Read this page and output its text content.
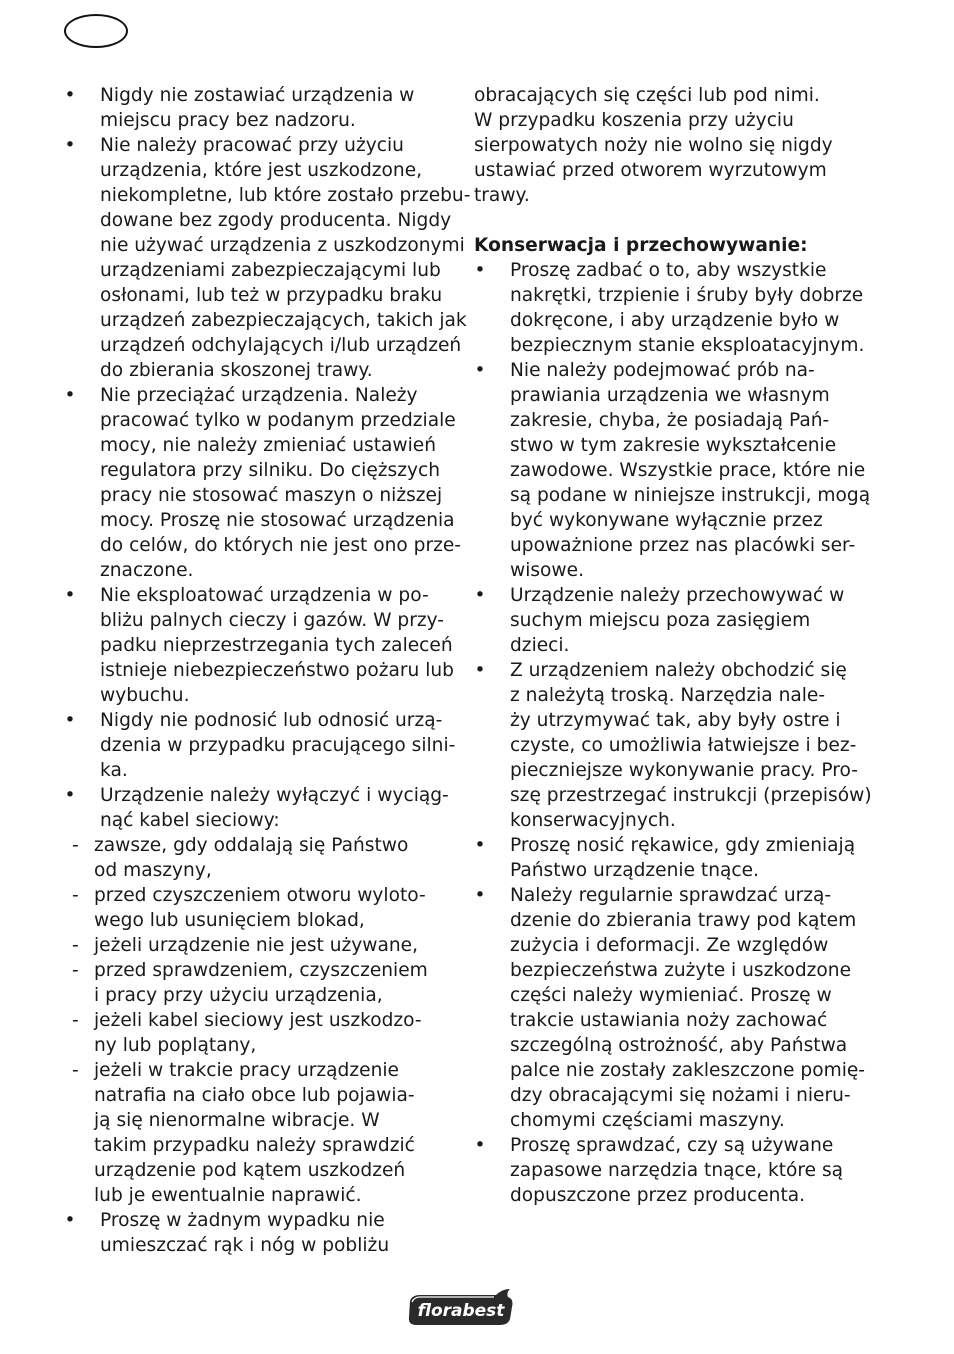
• Nigdy nie zostawiać urządzenia w
miejscu pracy bez nadzoru.
• Nie należy pracować przy użyciu
urządzenia, które jest uszkodzone,
niekompletne, lub które zostało przebu-
dowane bez zgody producenta. Nigdy
nie używać urządzenia z uszkodzonymi
urządzeniami zabezpieczającymi lub
osłonami, lub też w przypadku braku
urządzeń zabezpieczających, takich jak
urządzeń odchylających i/lub urządzeń
do zbierania skoszonej trawy.
• Nie przeciążać urządzenia. Należy
pracować tylko w podanym przedziale
mocy, nie należy zmieniać ustawień
regulatora przy silniku. Do cięższych
pracy nie stosować maszyn o niższej
mocy. Proszę nie stosować urządzenia
do celów, do których nie jest ono prze-
znaczone.
• Nie eksploatować urządzenia w po-
bliżu palnych cieczy i gazów. W przy-
padku nieprzestrzegania tych zaleceń
istnieje niebezpieczeństwo pożaru lub
wybuchu.
• Nigdy nie podnosić lub odnosić urzą-
dzenia w przypadku pracującego silni-
ka.
• Urządzenie należy wyłączyć i wyciąg-
nąć kabel sieciowy:
- zawsze, gdy oddalają się Państwo
od maszyny,
- przed czyszczeniem otworu wyloto-
wego lub usunięciem blokad,
- jeżeli urządzenie nie jest używane,
- przed sprawdzeniem, czyszczeniem
i pracy przy użyciu urządzenia,
- jeżeli kabel sieciowy jest uszkodzo-
ny lub poplątany,
- jeżeli w trakcie pracy urządzenie
natrafia na ciało obce lub pojawia-
ją się nienormalne wibracje. W
takim przypadku należy sprawdzić
urządzenie pod kątem uszkodzeń
lub je ewentualnie naprawić.
• Proszę w żadnym wypadku nie
umieszczać rąk i nóg w pobliżu
obracających się części lub pod nimi.
W przypadku koszenia przy użyciu
sierpowatych noży nie wolno się nigdy
ustawiać przed otworem wyrzutowym
trawy.
Konserwacja i przechowywanie:
• Proszę zadbać o to, aby wszystkie
nakrętki, trzpienie i śruby były dobrze
dokręcone, i aby urządzenie było w
bezpiecznym stanie eksploatacyjnym.
• Nie należy podejmować prób na-
prawiania urządzenia we własnym
zakresie, chyba, że posiadają Pań-
stwo w tym zakresie wykształcenie
zawodowe. Wszystkie prace, które nie
są podane w niniejsze instrukcji, mogą
być wykonywane wyłącznie przez
upoważnione przez nas placówki ser-
wisowe.
• Urządzenie należy przechowywać w
suchym miejscu poza zasięgiem
dzieci.
• Z urządzeniem należy obchodzić się
z należytą troską. Narzędzia nale-
ży utrzymywać tak, aby były ostre i
czyste, co umożliwia łatwiejsze i bez-
pieczniejsze wykonywanie pracy. Pro-
szę przestrzegać instrukcji (przepisów)
konserwacyjnych.
• Proszę nosić rękawice, gdy zmieniają
Państwo urządzenie tnące.
• Należy regularnie sprawdzać urzą-
dzenie do zbierania trawy pod kątem
zużycia i deformacji. Ze względów
bezpieczeństwa zużyte i uszkodzone
części należy wymieniać. Proszę w
trakcie ustawiania noży zachować
szczególną ostrożność, aby Państwa
palce nie zostały zakleszczone pomię-
dzy obracającymi się nożami i nieru-
chomymi częściami maszyny.
• Proszę sprawdzać, czy są używane
zapasowe narzędzia tnące, które są
dopuszczone przez producenta.
florabest
